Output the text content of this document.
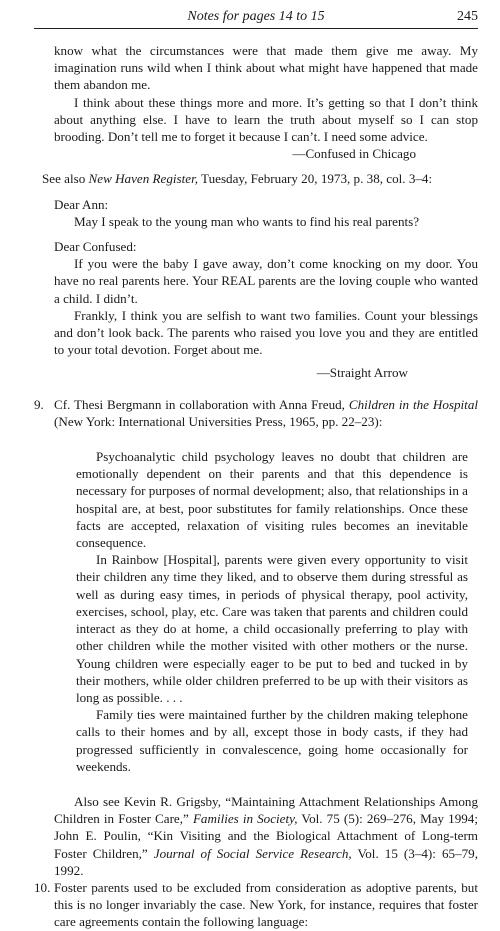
Notes for pages 14 to 15	245

know what the circumstances were that made them give me away. My imagination runs wild when I think about what might have happened that made them abandon me.

I think about these things more and more. It’s getting so that I don’t think about anything else. I have to learn the truth about myself so I can stop brooding. Don’t tell me to forget it because I can’t. I need some advice.

—Confused in Chicago

See also New Haven Register, Tuesday, February 20, 1973, p. 38, col. 3–4:

Dear Ann:

May I speak to the young man who wants to find his real parents?

Dear Confused:

If you were the baby I gave away, don’t come knocking on my door. You have no real parents here. Your REAL parents are the loving couple who wanted a child. I didn’t.

Frankly, I think you are selfish to want two families. Count your blessings and don’t look back. The parents who raised you love you and they are entitled to your total devotion. Forget about me.

—Straight Arrow

9. Cf. Thesi Bergmann in collaboration with Anna Freud, Children in the Hospital (New York: International Universities Press, 1965, pp. 22–23):

Psychoanalytic child psychology leaves no doubt that children are emotionally dependent on their parents and that this dependence is necessary for purposes of normal development; also, that relationships in a hospital are, at best, poor substitutes for family relationships. Once these facts are accepted, relaxation of visiting rules becomes an inevitable consequence.

In Rainbow [Hospital], parents were given every opportunity to visit their children any time they liked, and to observe them during stressful as well as during easy times, in periods of physical therapy, pool activity, exercises, school, play, etc. Care was taken that parents and children could interact as they do at home, a child occasionally preferring to play with other children while the mother visited with other mothers or the nurse. Young children were especially eager to be put to bed and tucked in by their mothers, while older children preferred to be up with their visitors as long as possible. . . .

Family ties were maintained further by the children making telephone calls to their homes and by all, except those in body casts, if they had progressed sufficiently in convalescence, going home occasionally for weekends.

Also see Kevin R. Grigsby, “Maintaining Attachment Relationships Among Children in Foster Care,” Families in Society, Vol. 75 (5): 269–276, May 1994; John E. Poulin, “Kin Visiting and the Biological Attachment of Long-term Foster Children,” Journal of Social Service Research, Vol. 15 (3–4): 65–79, 1992.

10. Foster parents used to be excluded from consideration as adoptive parents, but this is no longer invariably the case. New York, for instance, requires that foster care agreements contain the following language:
